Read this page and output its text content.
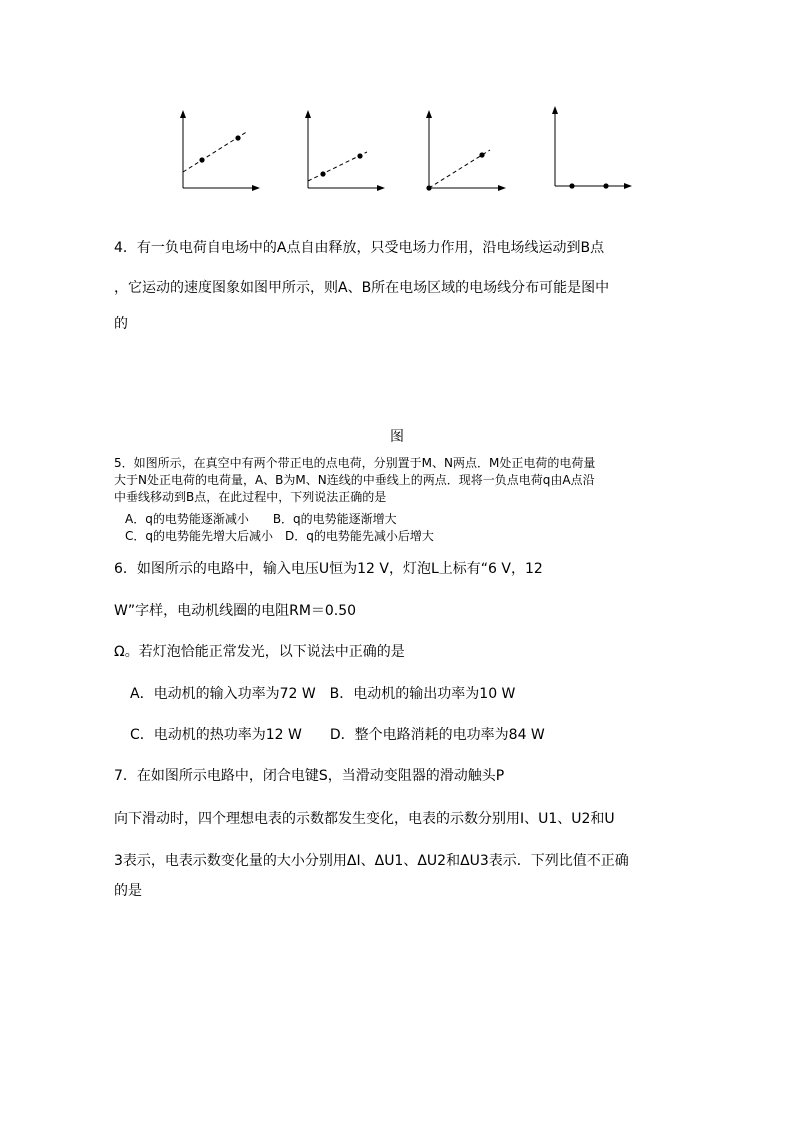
4．有一负电荷自电场中的A点自由释放，只受电场力作用，沿电场线运动到B点
，它运动的速度图象如图甲所示，则A、B所在电场区域的电场线分布可能是图中
的
图
5．如图所示，在真空中有两个带正电的点电荷，分别置于M、N两点．M处正电荷的电荷量
大于N处正电荷的电荷量，A、B为M、N连线的中垂线上的两点．现将一负点电荷q由A点沿
中垂线移动到B点，在此过程中，下列说法正确的是
A．q的电势能逐渐减小　　B．q的电势能逐渐增大
C．q的电势能先增大后减小　D．q的电势能先减小后增大
6．如图所示的电路中，输入电压U恒为12 V，灯泡L上标有“6 V，12
W”字样，电动机线圈的电阻RM＝0.50
Ω。若灯泡恰能正常发光，以下说法中正确的是
A．电动机的输入功率为72 W　B．电动机的输出功率为10 W
C．电动机的热功率为12 W　　D．整个电路消耗的电功率为84 W
7．在如图所示电路中，闭合电键S，当滑动变阻器的滑动触头P
向下滑动时，四个理想电表的示数都发生变化，电表的示数分别用I、U1、U2和U
3表示，电表示数变化量的大小分别用ΔI、ΔU1、ΔU2和ΔU3表示．下列比值不正确
的是
